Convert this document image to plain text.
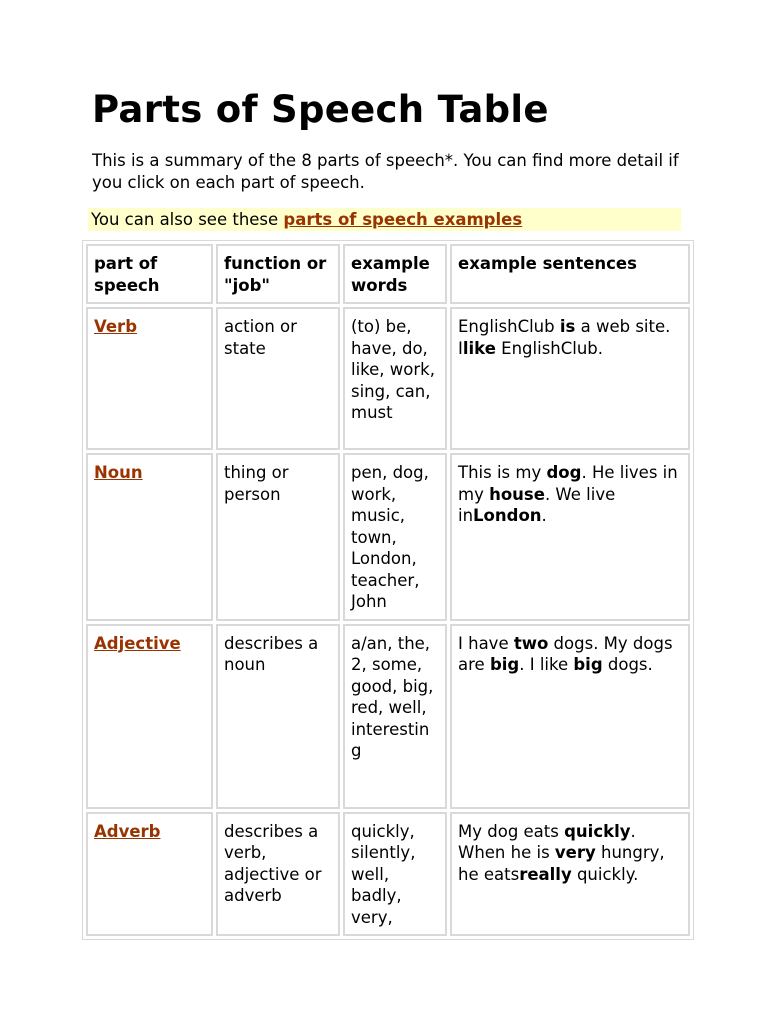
Parts of Speech Table

This is a summary of the 8 parts of speech*. You can find more detail if you click on each part of speech.

You can also see these parts of speech examples
part of speech	function or "job"	example words	example sentences
Verb	action or state	(to) be, have, do, like, work, sing, can, must	EnglishClub is a web site. Ilike EnglishClub.
Noun	thing or person	pen, dog, work, music, town, London, teacher, John	This is my dog. He lives in my house. We live inLondon.
Adjective	describes a noun	a/an, the, 2, some, good, big, red, well, interestin g	I have two dogs. My dogs are big. I like big dogs.
Adverb	describes a verb, adjective or adverb	quickly, silently, well, badly, very,	My dog eats quickly. When he is very hungry, he eatsreally quickly.
